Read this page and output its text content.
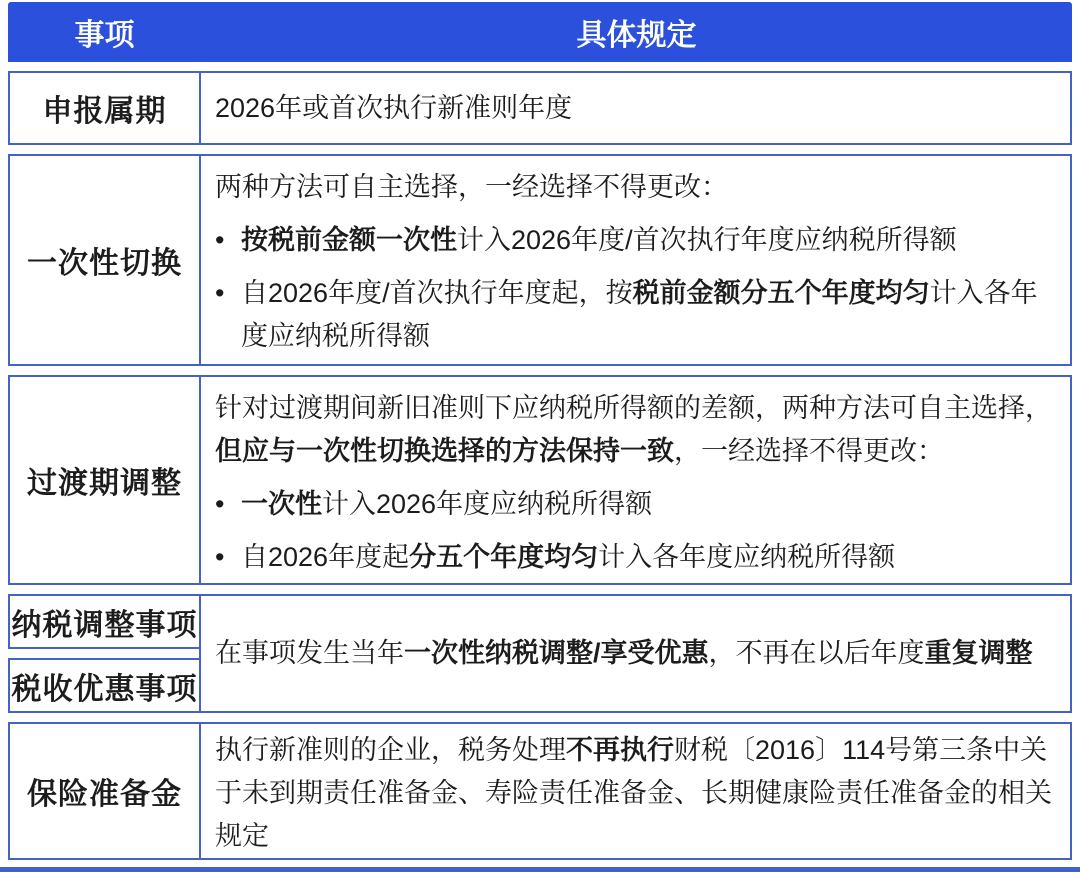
事项	具体规定
申报属期	2026年或首次执行新准则年度
一次性切换
两种方法可自主选择，一经选择不得更改：
• 按税前金额一次性计入2026年度/首次执行年度应纳税所得额
• 自2026年度/首次执行年度起，按税前金额分五个年度均匀计入各年度应纳税所得额
过渡期调整
针对过渡期间新旧准则下应纳税所得额的差额，两种方法可自主选择，但应与一次性切换选择的方法保持一致，一经选择不得更改：
• 一次性计入2026年度应纳税所得额
• 自2026年度起分五个年度均匀计入各年度应纳税所得额
纳税调整事项
税收优惠事项
在事项发生当年一次性纳税调整/享受优惠，不再在以后年度重复调整
保险准备金
执行新准则的企业，税务处理不再执行财税〔2016〕114号第三条中关于未到期责任准备金、寿险责任准备金、长期健康险责任准备金的相关规定
